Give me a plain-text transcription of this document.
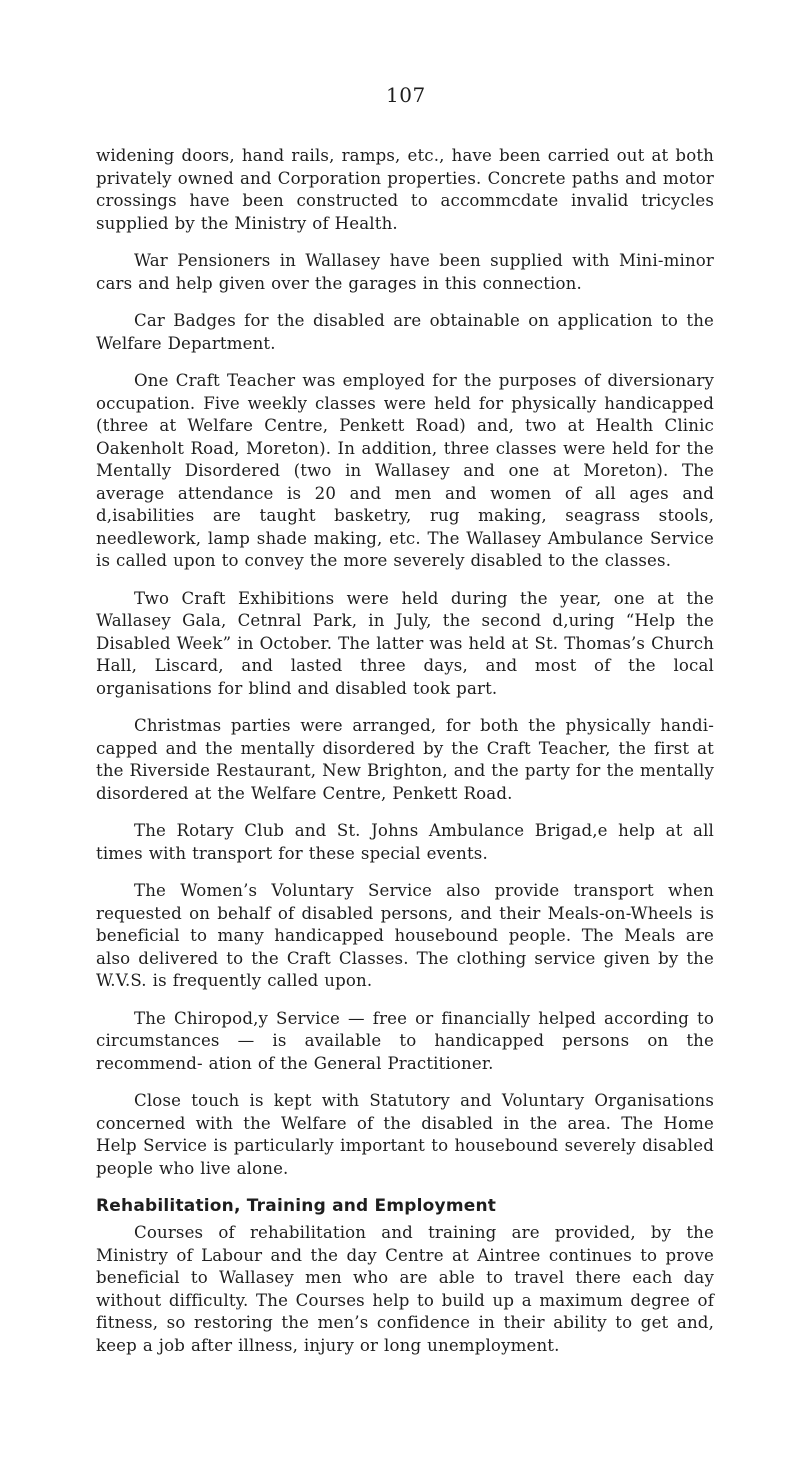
107

widening doors, hand rails, ramps, etc., have been carried out at both privately owned and Corporation properties. Concrete paths and motor crossings have been constructed to accommcdate invalid tricycles supplied by the Ministry of Health.

War Pensioners in Wallasey have been supplied with Mini-minor cars and help given over the garages in this connection.

Car Badges for the disabled are obtainable on application to the Welfare Department.

One Craft Teacher was employed for the purposes of diversionary occupation. Five weekly classes were held for physically handicapped (three at Welfare Centre, Penkett Road) and, two at Health Clinic Oakenholt Road, Moreton). In addition, three classes were held for the Mentally Disordered (two in Wallasey and one at Moreton). The average attendance is 20 and men and women of all ages and d,isabilities are taught basketry, rug making, seagrass stools, needlework, lamp shade making, etc. The Wallasey Ambulance Service is called upon to convey the more severely disabled to the classes.

Two Craft Exhibitions were held during the year, one at the Wallasey Gala, Cetnral Park, in July, the second d,uring “Help the Disabled Week” in October. The latter was held at St. Thomas’s Church Hall, Liscard, and lasted three days, and most of the local organisations for blind and disabled took part.

Christmas parties were arranged, for both the physically handi- capped and the mentally disordered by the Craft Teacher, the first at the Riverside Restaurant, New Brighton, and the party for the mentally disordered at the Welfare Centre, Penkett Road.

The Rotary Club and St. Johns Ambulance Brigad,e help at all times with transport for these special events.

The Women’s Voluntary Service also provide transport when requested on behalf of disabled persons, and their Meals-on-Wheels is beneficial to many handicapped housebound people. The Meals are also delivered to the Craft Classes. The clothing service given by the W.V.S. is frequently called upon.

The Chiropod,y Service — free or financially helped according to circumstances — is available to handicapped persons on the recommend- ation of the General Practitioner.

Close touch is kept with Statutory and Voluntary Organisations concerned with the Welfare of the disabled in the area. The Home Help Service is particularly important to housebound severely disabled people who live alone.

Rehabilitation, Training and Employment

Courses of rehabilitation and training are provided, by the Ministry of Labour and the day Centre at Aintree continues to prove beneficial to Wallasey men who are able to travel there each day without difficulty. The Courses help to build up a maximum degree of fitness, so restoring the men’s confidence in their ability to get and, keep a job after illness, injury or long unemployment.
